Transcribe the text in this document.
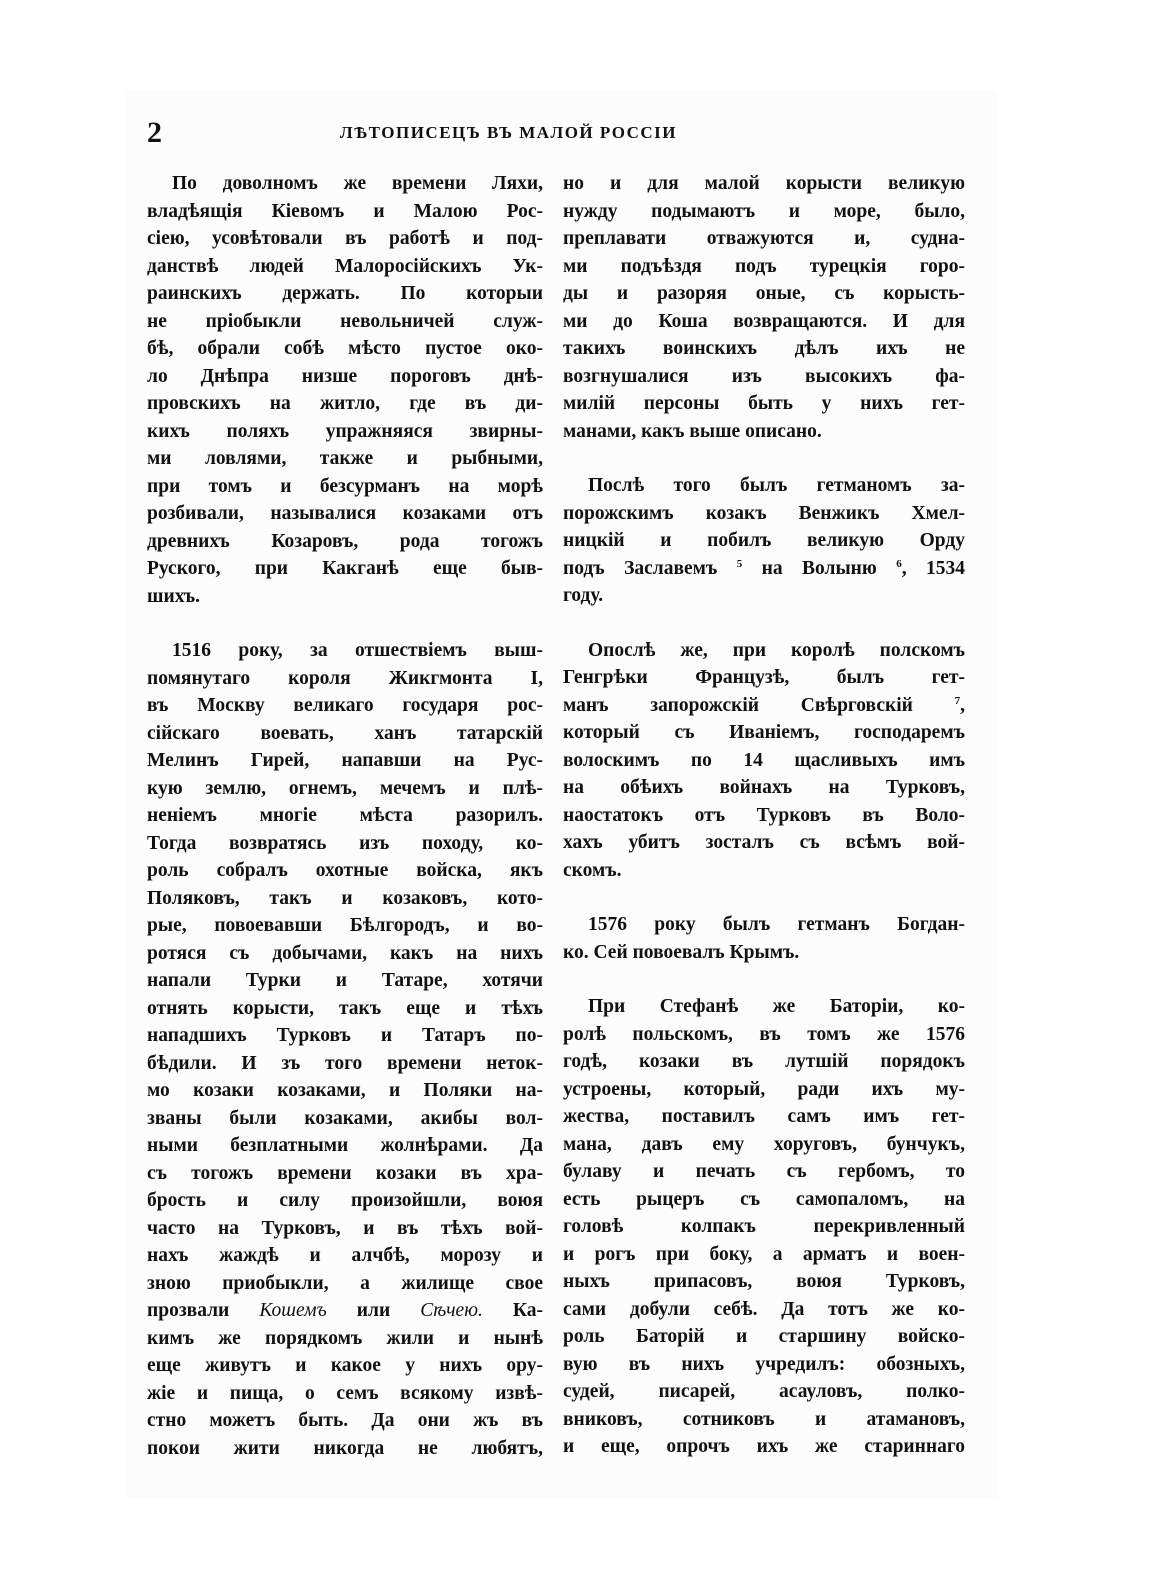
2	ЛѢТОПИСЕЦЪ ВЪ МАЛОЙ РОССІИ
По доволномъ же времени Ляхи,
владѣящія Кіевомъ и Малою Рос-
сіею, усовѣтовали въ работѣ и под-
данствѣ людей Малоросійскихъ Ук-
раинскихъ держать. По которыи
не пріобыкли невольничей служ-
бѣ, обрали собѣ мѣсто пустое око-
ло Днѣпра низше пороговъ днѣ-
провскихъ на житло, где въ ди-
кихъ поляхъ упражняяся звирны-
ми ловлями, также и рыбными,
при томъ и безсурманъ на морѣ
розбивали, называлися козаками отъ
древнихъ Козаровъ, рода тогожъ
Руского, при Какганѣ еще быв-
шихъ.
1516 року, за отшествіемъ выш-
помянутаго короля Жикгмонта I,
въ Москву великаго государя рос-
сійскаго воевать, ханъ татарскій
Мелинъ Гирей, напавши на Рус-
кую землю, огнемъ, мечемъ и плѣ-
неніемъ многіе мѣста разорилъ.
Тогда возвратясь изъ походу, ко-
роль собралъ охотные войска, якъ
Поляковъ, такъ и козаковъ, кото-
рые, повоевавши Бѣлгородъ, и во-
ротяся съ добычами, какъ на нихъ
напали Турки и Татаре, хотячи
отнять корысти, такъ еще и тѣхъ
нападшихъ Турковъ и Татаръ по-
бѣдили. И зъ того времени неток-
мо козаки козаками, и Поляки на-
званы были козаками, акибы вол-
ными безплатными жолнѣрами. Да
съ тогожъ времени козаки въ хра-
брость и силу произойшли, воюя
часто на Турковъ, и въ тѣхъ вой-
нахъ жаждѣ и алчбѣ, морозу и
зною приобыкли, а жилище свое
прозвали Кошемъ или Сѣчею. Ка-
кимъ же порядкомъ жили и нынѣ
еще живутъ и какое у нихъ ору-
жіе и пища, о семъ всякому извѣ-
стно можетъ быть. Да они жъ въ
покои жити никогда не любятъ,
но и для малой корысти великую
нужду подымаютъ и море, было,
преплавати отважуются и, судна-
ми подъѣздя подъ турецкія горо-
ды и разоряя оные, съ корысть-
ми до Коша возвращаются. И для
такихъ воинскихъ дѣлъ ихъ не
возгнушалися изъ высокихъ фа-
милій персоны быть у нихъ гет-
манами, какъ выше описано.
Послѣ того былъ гетманомъ за-
порожскимъ козакъ Венжикъ Хмел-
ницкій и побилъ великую Орду
подъ Заславемъ $^5$ на Волыню $^6$, 1534
году.
Опослѣ же, при королѣ полскомъ
Генгрѣки Французѣ, былъ гет-
манъ запорожскій Свѣрговскій $^7$,
который съ Иваніемъ, господаремъ
волоскимъ по 14 щасливыхъ имъ
на обѣихъ войнахъ на Турковъ,
наостатокъ отъ Турковъ въ Воло-
хахъ убитъ зосталъ съ всѣмъ вой-
скомъ.
1576 року былъ гетманъ Богдан-
ко. Сей повоевалъ Крымъ.
При Стефанѣ же Баторіи, ко-
ролѣ польскомъ, въ томъ же 1576
годѣ, козаки въ лутшій порядокъ
устроены, который, ради ихъ му-
жества, поставилъ самъ имъ гет-
мана, давъ ему хоруговъ, бунчукъ,
булаву и печать съ гербомъ, то
есть рыцеръ съ самопаломъ, на
головѣ колпакъ перекривленный
и рогъ при боку, а арматъ и воен-
ныхъ припасовъ, воюя Турковъ,
сами добули себѣ. Да тотъ же ко-
роль Баторій и старшину войско-
вую въ нихъ учредилъ: обозныхъ,
судей, писарей, асауловъ, полко-
вниковъ, сотниковъ и атамановъ,
и еще, опрочъ ихъ же стариннаго
